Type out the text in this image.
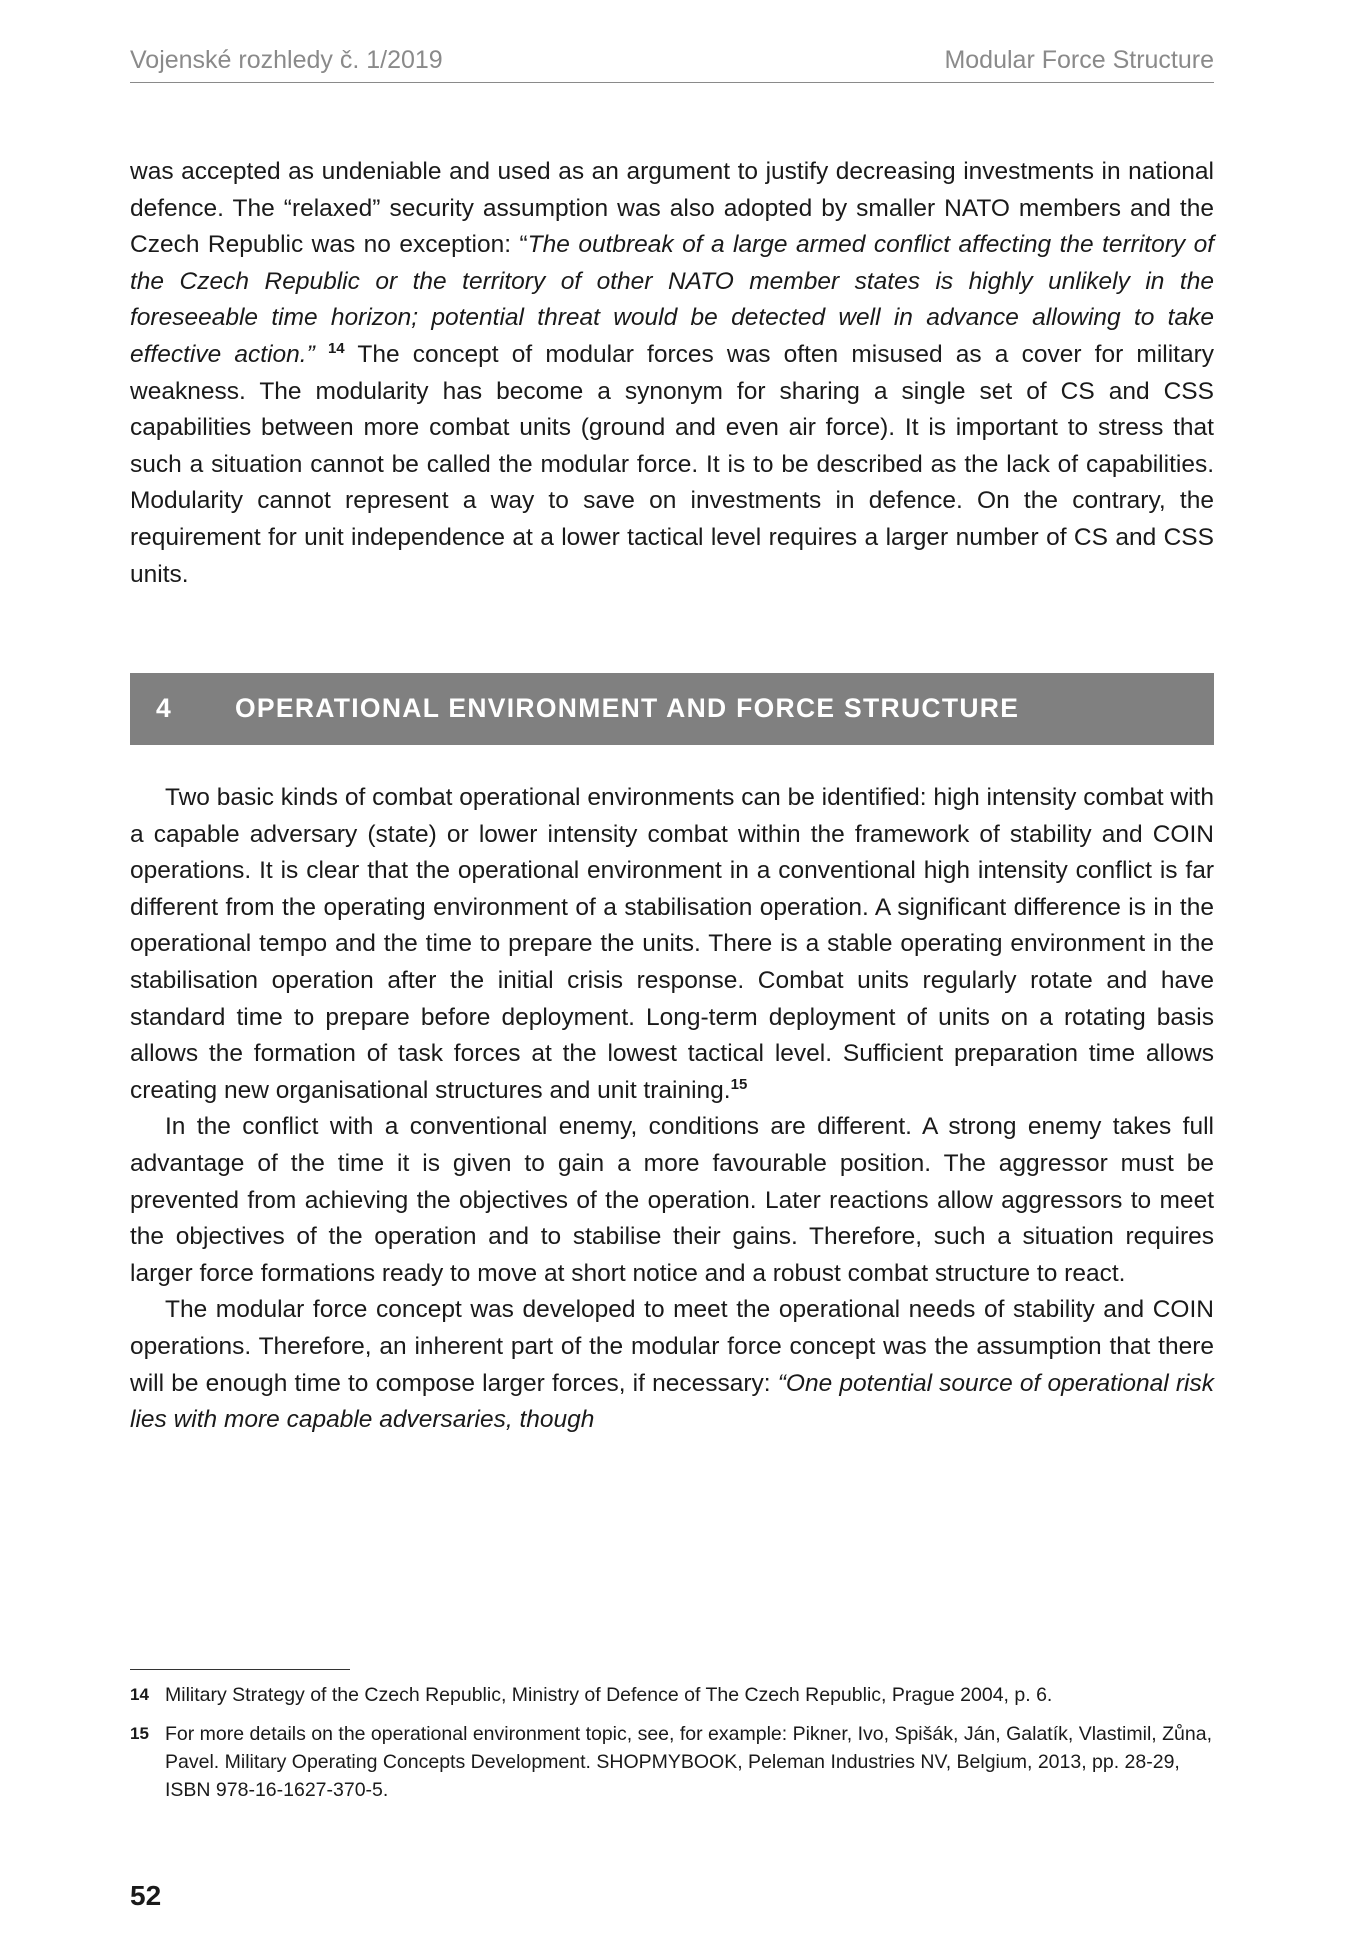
Vojenské rozhledy č. 1/2019	Modular Force Structure

was accepted as undeniable and used as an argument to justify decreasing investments in national defence. The “relaxed” security assumption was also adopted by smaller NATO members and the Czech Republic was no exception: “The outbreak of a large armed conflict affecting the territory of the Czech Republic or the territory of other NATO member states is highly unlikely in the foreseeable time horizon; potential threat would be detected well in advance allowing to take effective action.” $^{14}$ The concept of modular forces was often misused as a cover for military weakness. The modularity has become a synonym for sharing a single set of CS and CSS capabilities between more combat units (ground and even air force). It is important to stress that such a situation cannot be called the modular force. It is to be described as the lack of capabilities. Modularity cannot represent a way to save on investments in defence. On the contrary, the requirement for unit independence at a lower tactical level requires a larger number of CS and CSS units.

4 OPERATIONAL ENVIRONMENT AND FORCE STRUCTURE

Two basic kinds of combat operational environments can be identified: high intensity combat with a capable adversary (state) or lower intensity combat within the framework of stability and COIN operations. It is clear that the operational environment in a conventional high intensity conflict is far different from the operating environment of a stabilisation operation. A significant difference is in the operational tempo and the time to prepare the units. There is a stable operating environment in the stabilisation operation after the initial crisis response. Combat units regularly rotate and have standard time to prepare before deployment. Long-term deployment of units on a rotating basis allows the formation of task forces at the lowest tactical level. Sufficient preparation time allows creating new organisational structures and unit training.$^{15}$

In the conflict with a conventional enemy, conditions are different. A strong enemy takes full advantage of the time it is given to gain a more favourable position. The aggressor must be prevented from achieving the objectives of the operation. Later reactions allow aggressors to meet the objectives of the operation and to stabilise their gains. Therefore, such a situation requires larger force formations ready to move at short notice and a robust combat structure to react.

The modular force concept was developed to meet the operational needs of stability and COIN operations. Therefore, an inherent part of the modular force concept was the assumption that there will be enough time to compose larger forces, if necessary: “One potential source of operational risk lies with more capable adversaries, though

14 Military Strategy of the Czech Republic, Ministry of Defence of The Czech Republic, Prague 2004, p. 6.
15 For more details on the operational environment topic, see, for example: Pikner, Ivo, Spišák, Ján, Galatík, Vlastimil, Zůna, Pavel. Military Operating Concepts Development. SHOPMYBOOK, Peleman Industries NV, Belgium, 2013, pp. 28-29, ISBN 978-16-1627-370-5.
52
